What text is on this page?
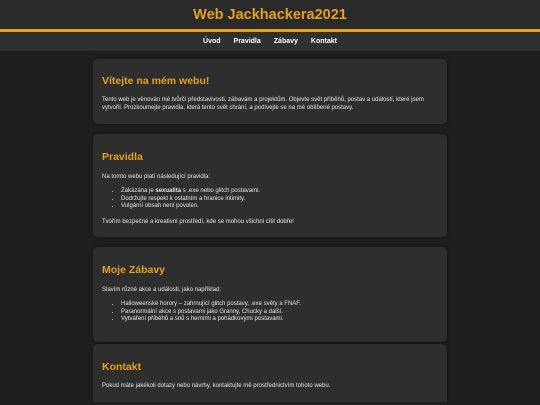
Web Jackhackera2021
Úvod Pravidla Zábavy Kontakt
Vítejte na mém webu!

Tento web je věnován mé tvůrčí představivosti, zábavám a projektům. Objevte svět příběhů, postav a událostí, které jsem vytvořil. Prozkoumejte pravidla, která tento svět chrání, a podívejte se na mé oblíbené postavy.

Pravidla

Na tomto webu platí následující pravidla:

• Zakázána je sexualita s .exe nebo glitch postavami.
• Dodržujte respekt k ostatním a hranice intimity.
• Vulgární obsah není povolen.

Tvořím bezpečné a kreativní prostředí, kde se mohou všichni cítit dobře!

Moje Zábavy

Slavím různé akce a události, jako například:

• Halloweenské horory – zahrnující glitch postavy, .exe světy a FNAF.
• Paranormální akce s postavami jako Granny, Chucky a další.
• Vytváření příběhů a snů s herními a pohádkovými postavami.
Kontakt

Pokud máte jakékoli dotazy nebo návrhy, kontaktujte mě prostřednictvím tohoto webu.
